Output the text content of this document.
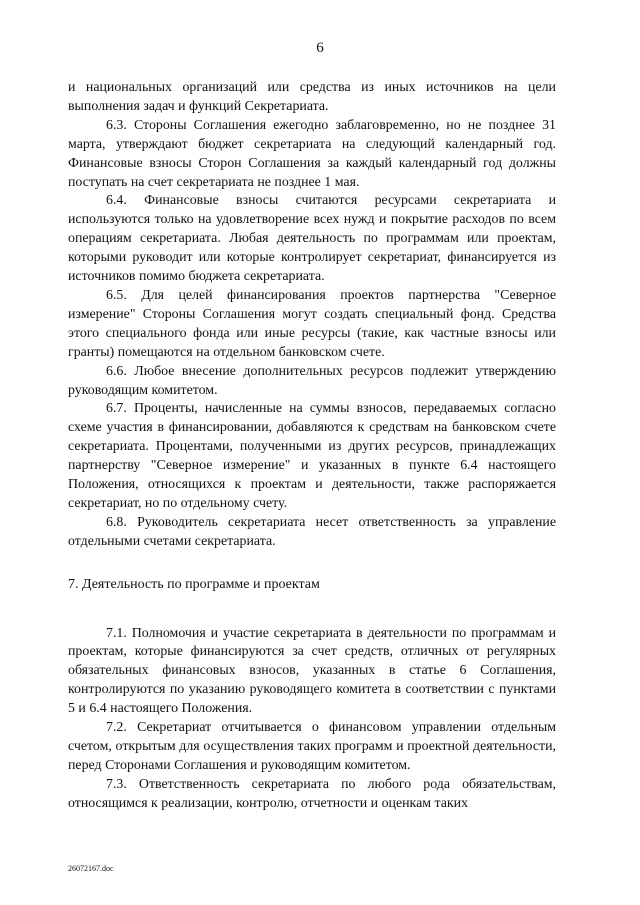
6

и национальных организаций или средства из иных источников на цели выполнения задач и функций Секретариата.

6.3. Стороны Соглашения ежегодно заблаговременно, но не позднее 31 марта, утверждают бюджет секретариата на следующий календарный год. Финансовые взносы Сторон Соглашения за каждый календарный год должны поступать на счет секретариата не позднее 1 мая.

6.4. Финансовые взносы считаются ресурсами секретариата и используются только на удовлетворение всех нужд и покрытие расходов по всем операциям секретариата. Любая деятельность по программам или проектам, которыми руководит или которые контролирует секретариат, финансируется из источников помимо бюджета секретариата.

6.5. Для целей финансирования проектов партнерства "Северное измерение" Стороны Соглашения могут создать специальный фонд. Средства этого специального фонда или иные ресурсы (такие, как частные взносы или гранты) помещаются на отдельном банковском счете.

6.6. Любое внесение дополнительных ресурсов подлежит утверждению руководящим комитетом.

6.7. Проценты, начисленные на суммы взносов, передаваемых согласно схеме участия в финансировании, добавляются к средствам на банковском счете секретариата. Процентами, полученными из других ресурсов, принадлежащих партнерству "Северное измерение" и указанных в пункте 6.4 настоящего Положения, относящихся к проектам и деятельности, также распоряжается секретариат, но по отдельному счету.

6.8. Руководитель секретариата несет ответственность за управление отдельными счетами секретариата.

7. Деятельность по программе и проектам

7.1. Полномочия и участие секретариата в деятельности по программам и проектам, которые финансируются за счет средств, отличных от регулярных обязательных финансовых взносов, указанных в статье 6 Соглашения, контролируются по указанию руководящего комитета в соответствии с пунктами 5 и 6.4 настоящего Положения.

7.2. Секретариат отчитывается о финансовом управлении отдельным счетом, открытым для осуществления таких программ и проектной деятельности, перед Сторонами Соглашения и руководящим комитетом.

7.3. Ответственность секретариата по любого рода обязательствам, относящимся к реализации, контролю, отчетности и оценкам таких

26072167.doc
